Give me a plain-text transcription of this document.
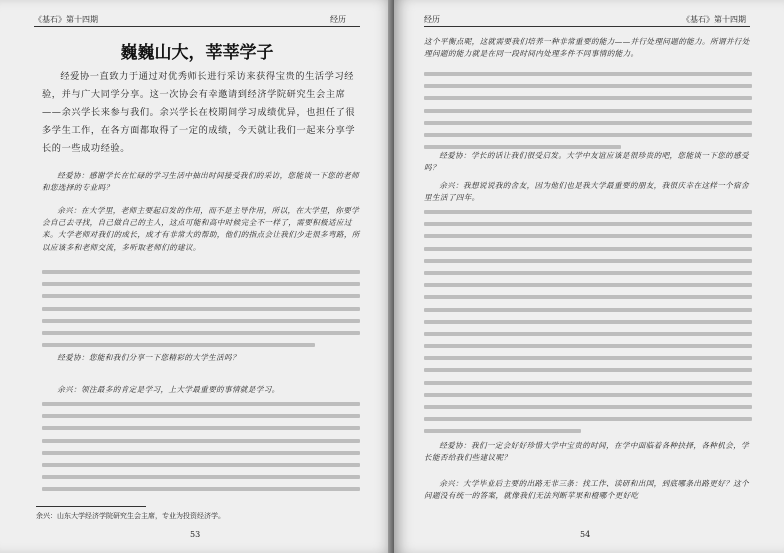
《基石》第十四期	经历
巍巍山大，莘莘学子
经爱协一直致力于通过对优秀师长进行采访来获得宝贵的生活学习经验，并与广大同学分享。这一次协会有幸邀请到经济学院研究生会主席——余兴学长来参与我们。余兴学长在校期间学习成绩优异，也担任了很多学生工作，在各方面都取得了一定的成绩，今天就让我们一起来分享学长的一些成功经验。
经爱协：感谢学长在忙碌的学习生活中抽出时间接受我们的采访，您能谈一下您的老师和您选择的专业吗？
余兴：在大学里，老师主要起启发的作用，而不是主导作用，所以，在大学里，你要学会自己去寻找，自己做自己的主人，这点可能和高中时候完全不一样了，需要积极适应过来。大学老师对我们的成长，成才有非常大的帮助，他们的指点会让我们少走很多弯路，所以应该多和老师交流，多听取老师们的建议。
经爱协：您能和我们分享一下您精彩的大学生活吗？
余兴：领注最多的肯定是学习，上大学最重要的事情就是学习。
余兴：山东大学经济学院研究生会主席，专业为投资经济学。
53
经历	《基石》第十四期
这个平衡点呢，这就需要我们培养一种非常重要的能力——并行处理问题的能力。所谓并行处理问题的能力就是在同一段时间内处理多件不同事情的能力。
经爱协：学长的话让我们很受启发。大学中友谊应该是很珍贵的吧，您能谈一下您的感受吗？
余兴：我想说说我的舍友，因为他们也是我大学最重要的朋友，我很庆幸在这样一个宿舍里生活了四年。
经爱协：我们一定会好好珍惜大学中宝贵的时间，在学中面临着各种抉择，各种机会，学长能否给我们些建议呢？
余兴：大学毕业后主要的出路无非三条：找工作、读研和出国，到底哪条出路更好？这个问题没有统一的答案，就像我们无法判断苹果和橙哪个更好吃
54
